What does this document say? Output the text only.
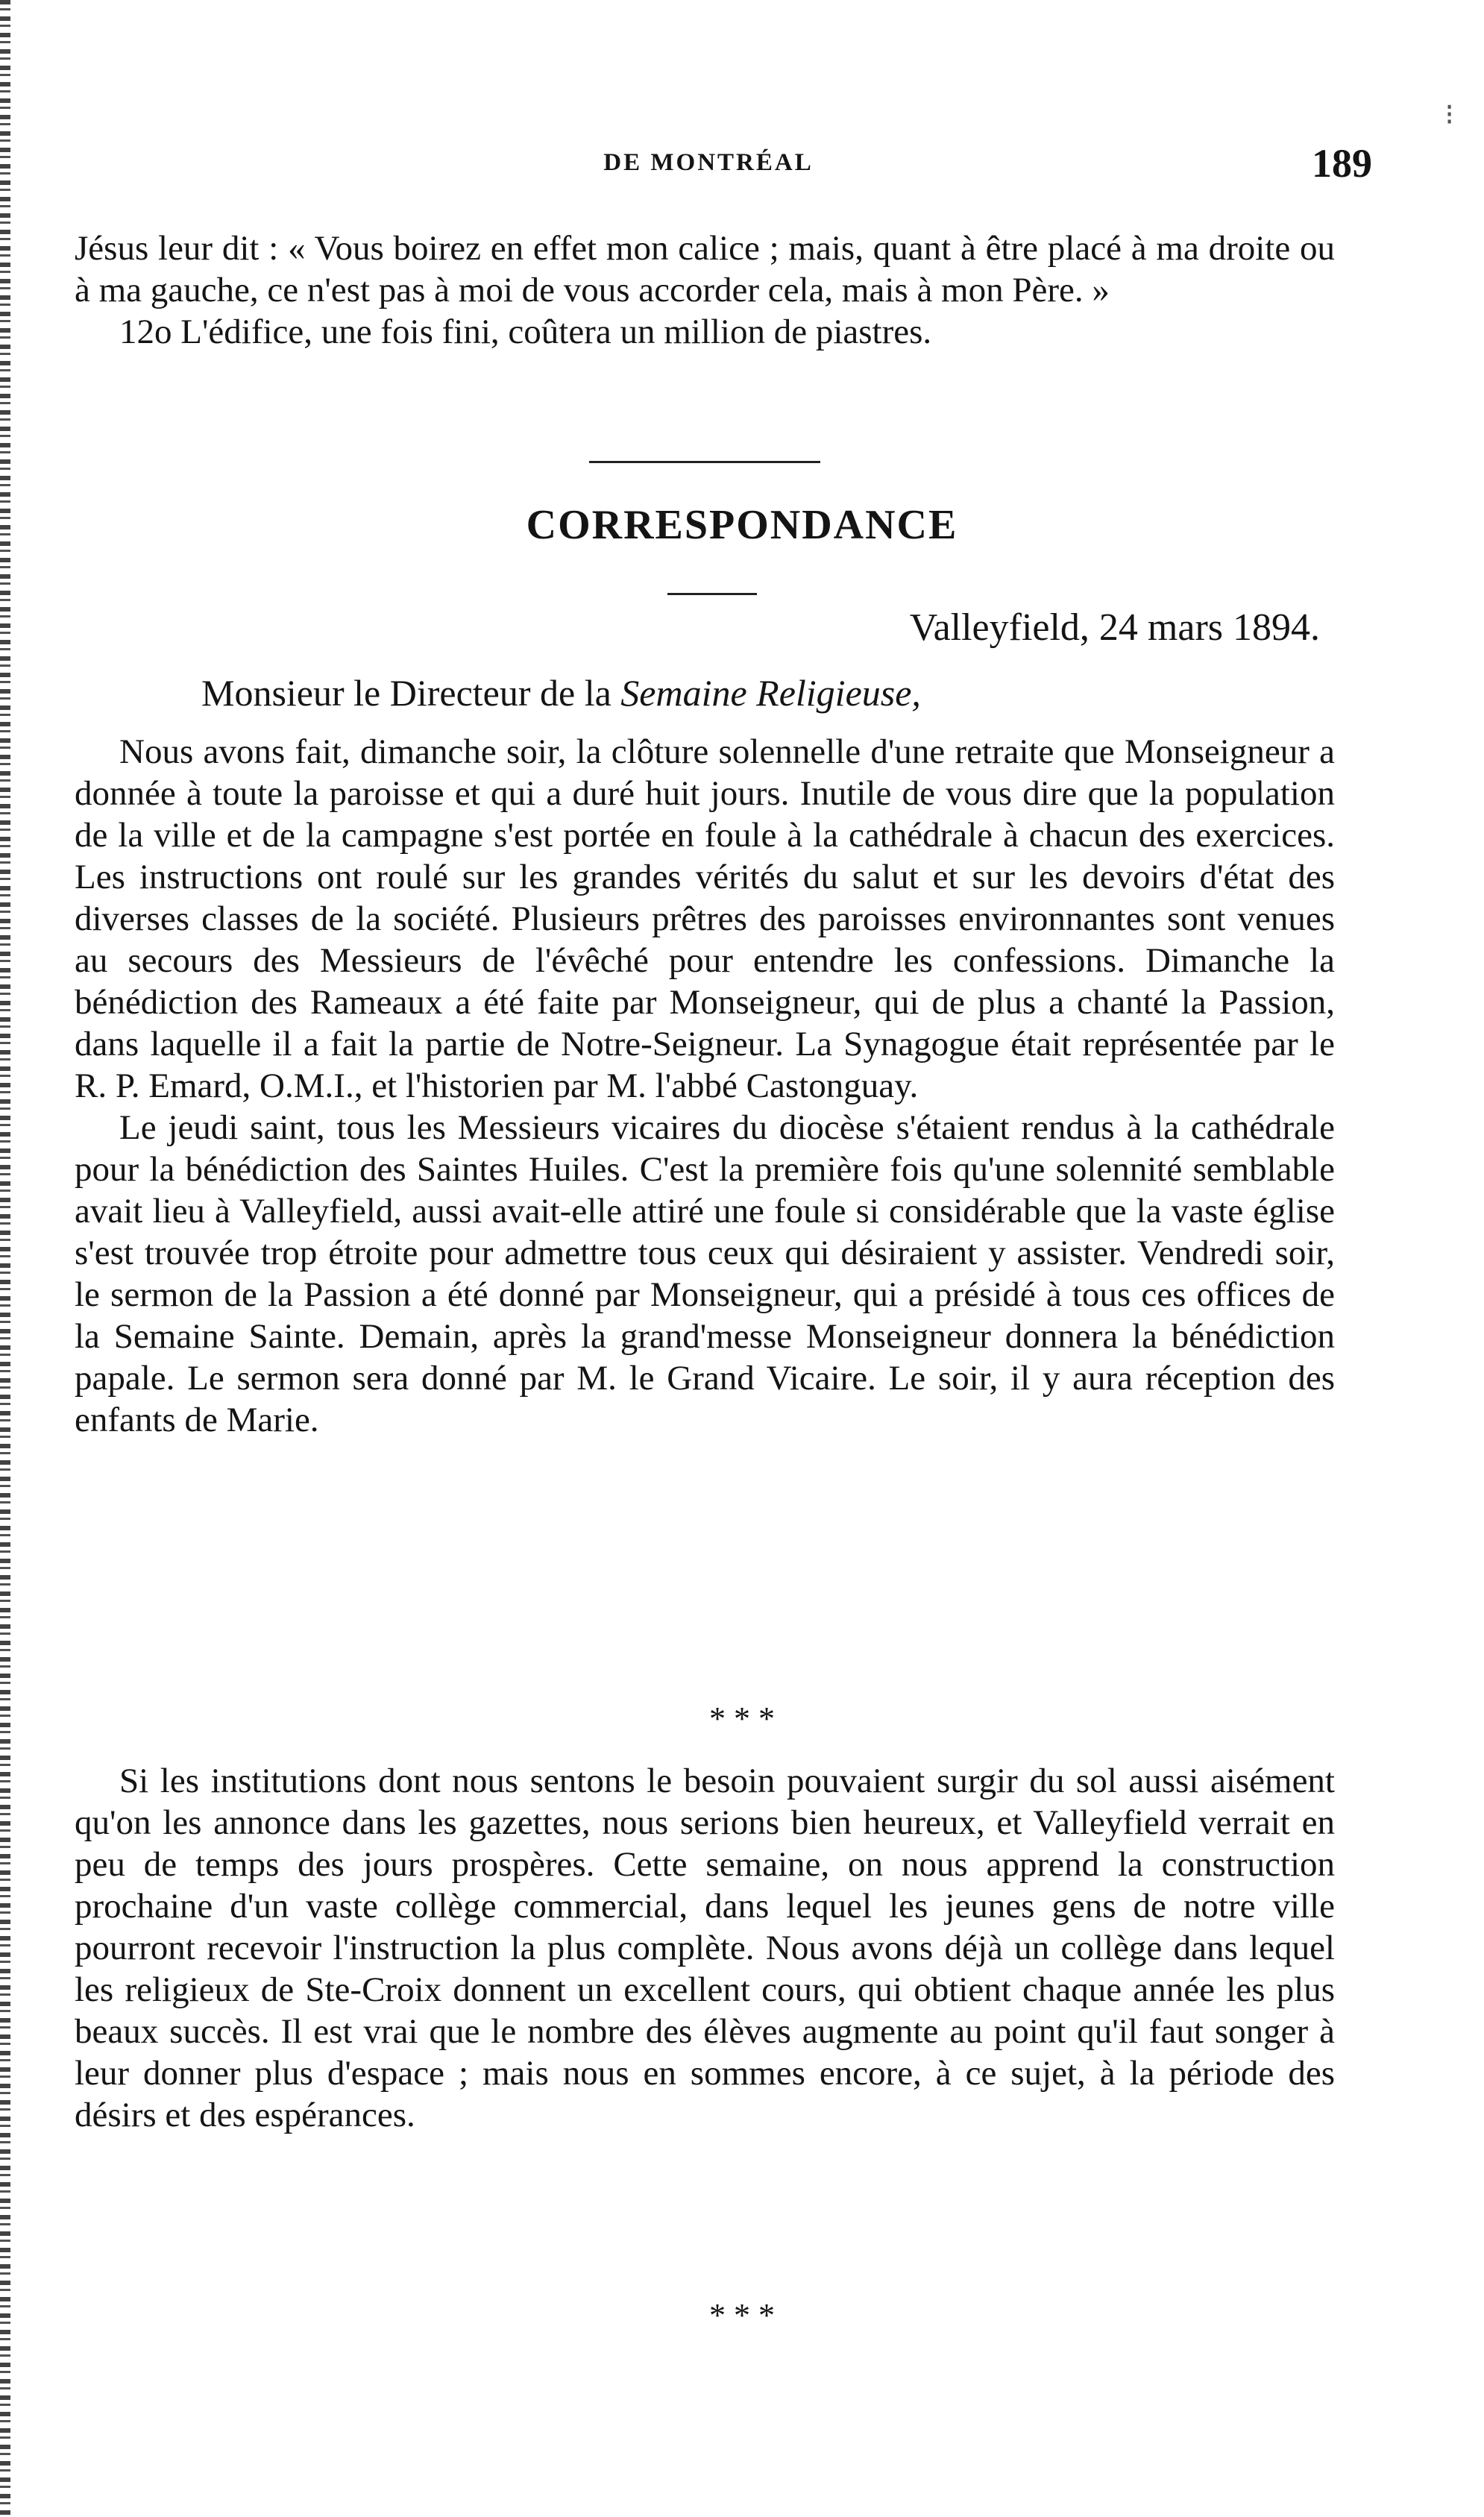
⁝
DE MONTRÉAL	189

Jésus leur dit : « Vous boirez en effet mon calice ; mais, quant à être placé à ma droite ou à ma gauche, ce n'est pas à moi de vous accorder cela, mais à mon Père. »

12o L'édifice, une fois fini, coûtera un million de piastres.

CORRESPONDANCE
Valleyfield, 24 mars 1894.
Monsieur le Directeur de la Semaine Religieuse,

Nous avons fait, dimanche soir, la clôture solennelle d'une retraite que Monseigneur a donnée à toute la paroisse et qui a duré huit jours. Inutile de vous dire que la population de la ville et de la campagne s'est portée en foule à la cathédrale à chacun des exercices. Les instructions ont roulé sur les grandes vérités du salut et sur les devoirs d'état des diverses classes de la société. Plusieurs prêtres des paroisses environnantes sont venues au secours des Messieurs de l'évêché pour entendre les confessions. Dimanche la bénédiction des Rameaux a été faite par Monseigneur, qui de plus a chanté la Passion, dans laquelle il a fait la partie de Notre-Seigneur. La Synagogue était représentée par le R. P. Emard, O.M.I., et l'historien par M. l'abbé Castonguay.

Le jeudi saint, tous les Messieurs vicaires du diocèse s'étaient rendus à la cathédrale pour la bénédiction des Saintes Huiles. C'est la première fois qu'une solennité semblable avait lieu à Valleyfield, aussi avait-elle attiré une foule si considérable que la vaste église s'est trouvée trop étroite pour admettre tous ceux qui désiraient y assister. Vendredi soir, le sermon de la Passion a été donné par Monseigneur, qui a présidé à tous ces offices de la Semaine Sainte. Demain, après la grand'messe Monseigneur donnera la bénédiction papale. Le sermon sera donné par M. le Grand Vicaire. Le soir, il y aura réception des enfants de Marie.

* * *

Si les institutions dont nous sentons le besoin pouvaient surgir du sol aussi aisément qu'on les annonce dans les gazettes, nous serions bien heureux, et Valleyfield verrait en peu de temps des jours prospères. Cette semaine, on nous apprend la construction prochaine d'un vaste collège commercial, dans lequel les jeunes gens de notre ville pourront recevoir l'instruction la plus complète. Nous avons déjà un collège dans lequel les religieux de Ste-Croix donnent un excellent cours, qui obtient chaque année les plus beaux succès. Il est vrai que le nombre des élèves augmente au point qu'il faut songer à leur donner plus d'espace ; mais nous en sommes encore, à ce sujet, à la période des désirs et des espérances.

* * *
